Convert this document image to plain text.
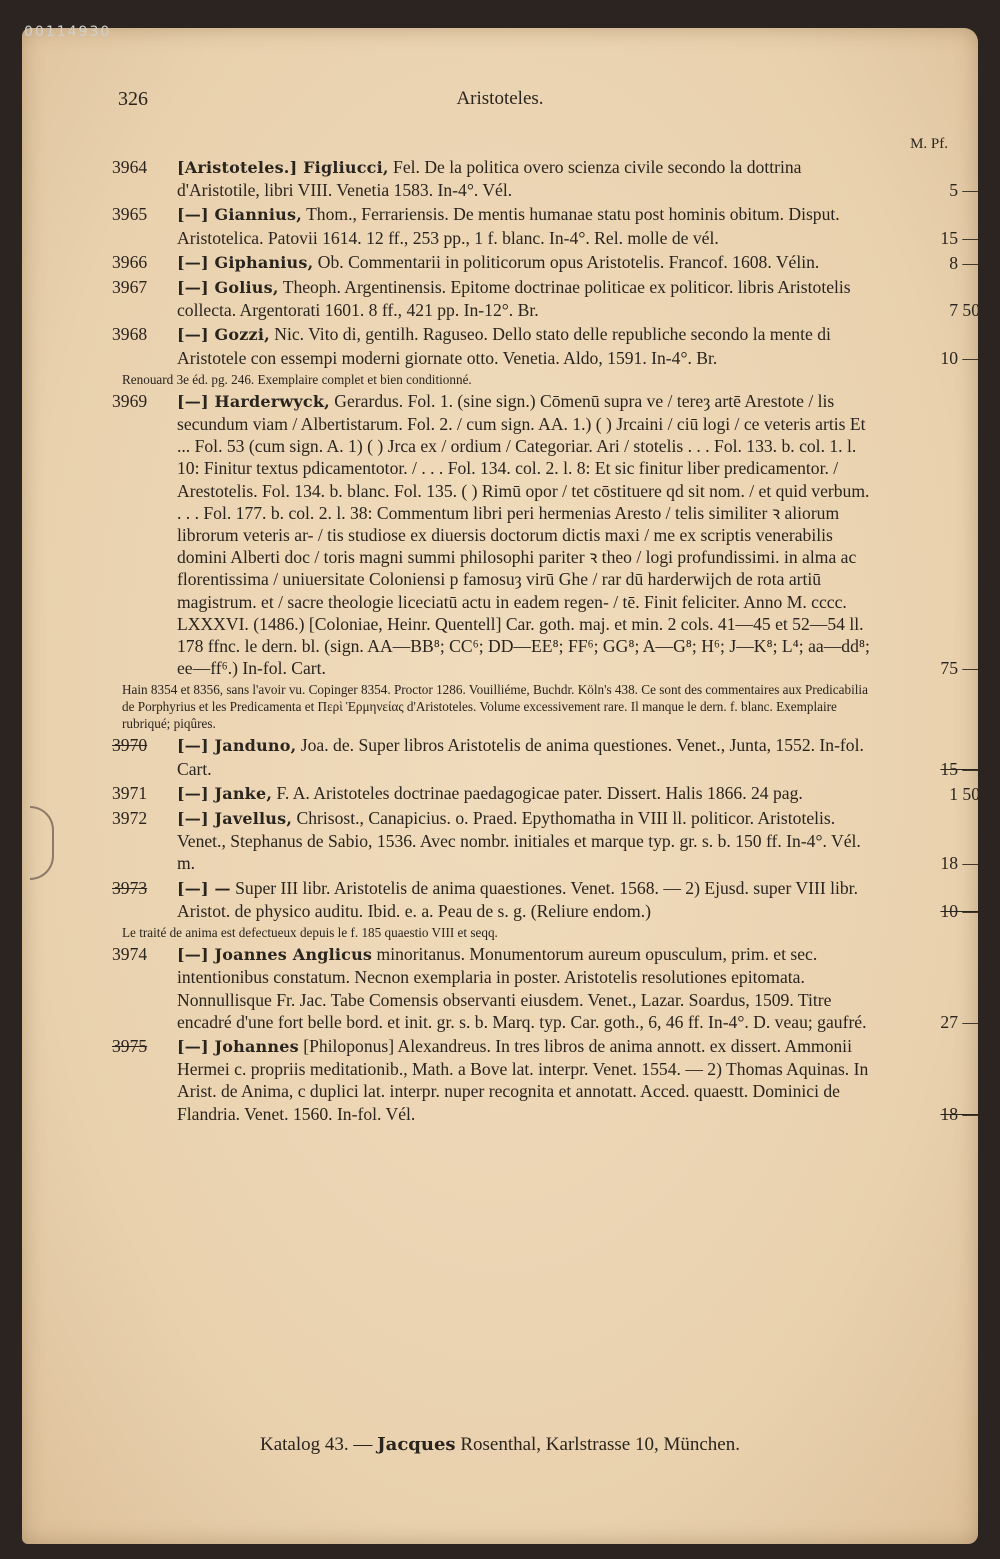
00114930
326	Aristoteles.
M. Pf.
3964	[Aristoteles.] Figliucci, Fel. De la politica overo scienza civile secondo la dottrina d'Aristotile, libri VIII. Venetia 1583. In-4°. Vél.	5 —
3965	[—] Giannius, Thom., Ferrariensis. De mentis humanae statu post hominis obitum. Disput. Aristotelica. Patovii 1614. 12 ff., 253 pp., 1 f. blanc. In-4°. Rel. molle de vél.	15 —
3966	[—] Giphanius, Ob. Commentarii in politicorum opus Aristotelis. Francof. 1608. Vélin.	8 —
3967	[—] Golius, Theoph. Argentinensis. Epitome doctrinae politicae ex politicor. libris Aristotelis collecta. Argentorati 1601. 8 ff., 421 pp. In-12°. Br.	7 50
3968	[—] Gozzi, Nic. Vito di, gentilh. Raguseo. Dello stato delle republiche secondo la mente di Aristotele con essempi moderni giornate otto. Venetia. Aldo, 1591. In-4°. Br.	10 —
Renouard 3e éd. pg. 246. Exemplaire complet et bien conditionné.
3969	[—] Harderwyck, Gerardus. Fol. 1. (sine sign.) Cōmenū supra ve / tereȝ artē Arestote / lis secundum viam / Albertistarum. Fol. 2. / cum sign. AA. 1.) ( ) Jrcaini / ciū logi / ce veteris artis Et ... Fol. 53 (cum sign. A. 1) ( ) Jrca ex / ordium / Categoriar. Ari / stotelis . . . Fol. 133. b. col. 1. l. 10: Finitur textus pdicamentotor. / . . . Fol. 134. col. 2. l. 8: Et sic finitur liber predicamentor. / Arestotelis. Fol. 134. b. blanc. Fol. 135. ( ) Rimū opor / tet cōstituere qd sit nom. / et quid verbum. . . . Fol. 177. b. col. 2. l. 38: Commentum libri peri hermenias Aresto / telis similiter ꝛ aliorum librorum veteris ar- / tis studiose ex diuersis doctorum dictis maxi / me ex scriptis venerabilis domini Alberti doc / toris magni summi philosophi pariter ꝛ theo / logi profundissimi. in alma ac florentissima / uniuersitate Coloniensi p famosuȝ virū Ghe / rar dū harderwijch de rota artiū magistrum. et / sacre theologie liceciatū actu in eadem regen- / tē. Finit feliciter. Anno M. cccc. LXXXVI. (1486.) [Coloniae, Heinr. Quentell] Car. goth. maj. et min. 2 cols. 41—45 et 52—54 ll. 178 ffnc. le dern. bl. (sign. AA—BB⁸; CC⁶; DD—EE⁸; FF⁶; GG⁸; A—G⁸; H⁶; J—K⁸; L⁴; aa—dd⁸; ee—ff⁶.) In-fol. Cart.	75 —
Hain 8354 et 8356, sans l'avoir vu. Copinger 8354. Proctor 1286. Vouilliéme, Buchdr. Köln's 438. Ce sont des commentaires aux Predicabilia de Porphyrius et les Predicamenta et Περὶ Ἑρμηνείας d'Aristoteles. Volume excessivement rare. Il manque le dern. f. blanc. Exemplaire rubriqué; piqûres.
3970	[—] Janduno, Joa. de. Super libros Aristotelis de anima questiones. Venet., Junta, 1552. In-fol. Cart.	15 —
3971	[—] Janke, F. A. Aristoteles doctrinae paedagogicae pater. Dissert. Halis 1866. 24 pag.	1 50
3972	[—] Javellus, Chrisost., Canapicius. o. Praed. Epythomatha in VIII ll. politicor. Aristotelis. Venet., Stephanus de Sabio, 1536. Avec nombr. initiales et marque typ. gr. s. b. 150 ff. In-4°. Vél. m.	18 —
3973	[—] — Super III libr. Aristotelis de anima quaestiones. Venet. 1568. — 2) Ejusd. super VIII libr. Aristot. de physico auditu. Ibid. e. a. Peau de s. g. (Reliure endom.)	10 —
Le traité de anima est defectueux depuis le f. 185 quaestio VIII et seqq.
3974	[—] Joannes Anglicus minoritanus. Monumentorum aureum opusculum, prim. et sec. intentionibus constatum. Necnon exemplaria in poster. Aristotelis resolutiones epitomata. Nonnullisque Fr. Jac. Tabe Comensis observanti eiusdem. Venet., Lazar. Soardus, 1509. Titre encadré d'une fort belle bord. et init. gr. s. b. Marq. typ. Car. goth., 6, 46 ff. In-4°. D. veau; gaufré.	27 —
3975	[—] Johannes [Philoponus] Alexandreus. In tres libros de anima annott. ex dissert. Ammonii Hermei c. propriis meditationib., Math. a Bove lat. interpr. Venet. 1554. — 2) Thomas Aquinas. In Arist. de Anima, c duplici lat. interpr. nuper recognita et annotatt. Acced. quaestt. Dominici de Flandria. Venet. 1560. In-fol. Vél.	18 —
Katalog 43. — Jacques Rosenthal, Karlstrasse 10, München.
